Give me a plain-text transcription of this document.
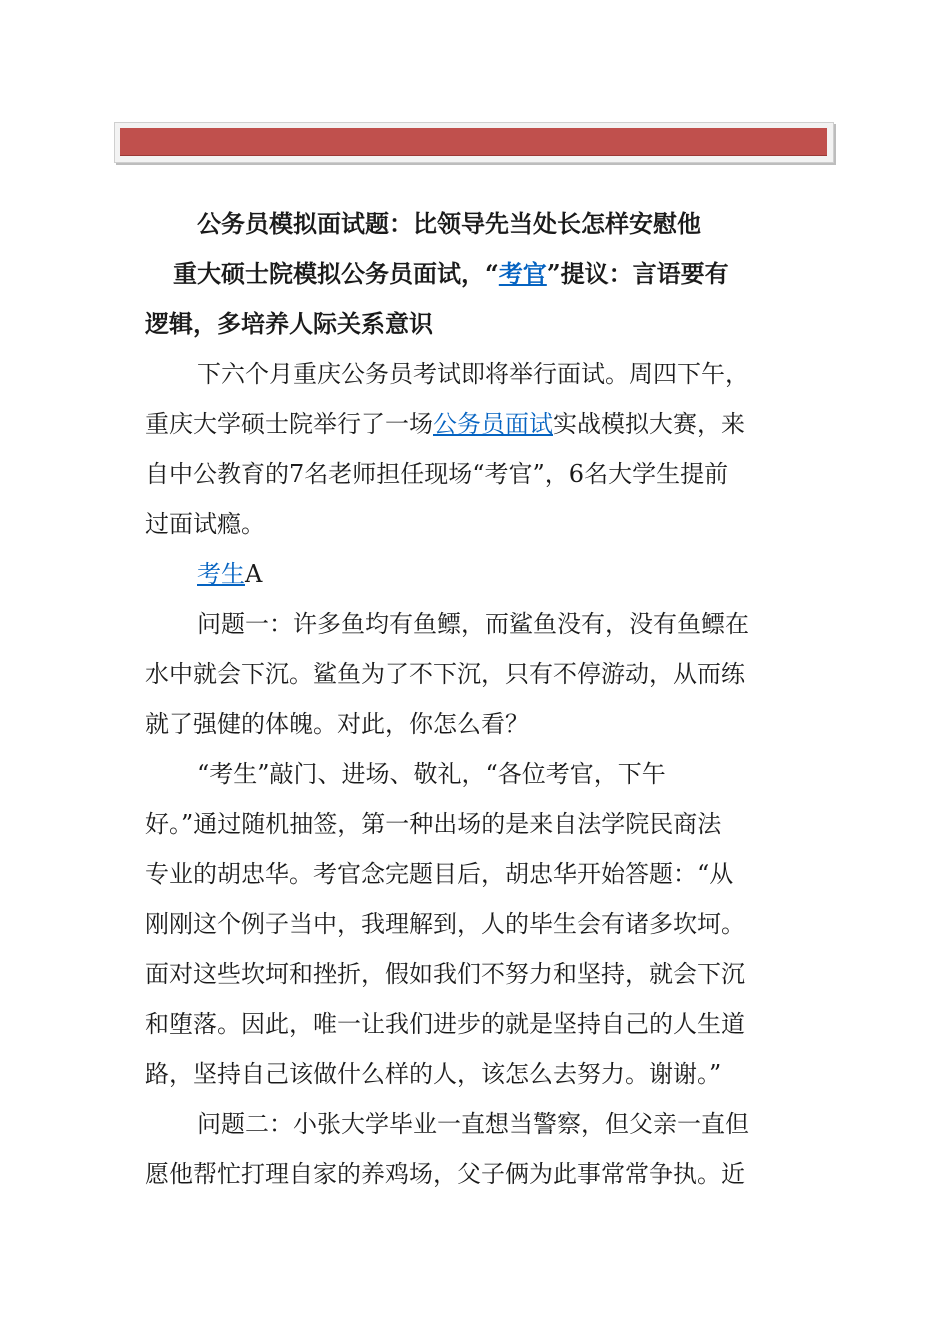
公务员模拟面试题：比领导先当处长怎样安慰他
重大硕士院模拟公务员面试，“考官”提议：言语要有
逻辑，多培养人际关系意识
下六个月重庆公务员考试即将举行面试。周四下午，
重庆大学硕士院举行了一场公务员面试实战模拟大赛，来
自中公教育的7名老师担任现场“考官”，6名大学生提前
过面试瘾。
考生A
问题一：许多鱼均有鱼鳔，而鲨鱼没有，没有鱼鳔在
水中就会下沉。鲨鱼为了不下沉，只有不停游动，从而练
就了强健的体魄。对此，你怎么看？
“考生”敲门、进场、敬礼，“各位考官，下午
好。”通过随机抽签，第一种出场的是来自法学院民商法
专业的胡忠华。考官念完题目后，胡忠华开始答题：“从
刚刚这个例子当中，我理解到，人的毕生会有诸多坎坷。
面对这些坎坷和挫折，假如我们不努力和坚持，就会下沉
和堕落。因此，唯一让我们进步的就是坚持自己的人生道
路，坚持自己该做什么样的人，该怎么去努力。谢谢。”
问题二：小张大学毕业一直想当警察，但父亲一直但
愿他帮忙打理自家的养鸡场，父子俩为此事常常争执。近
